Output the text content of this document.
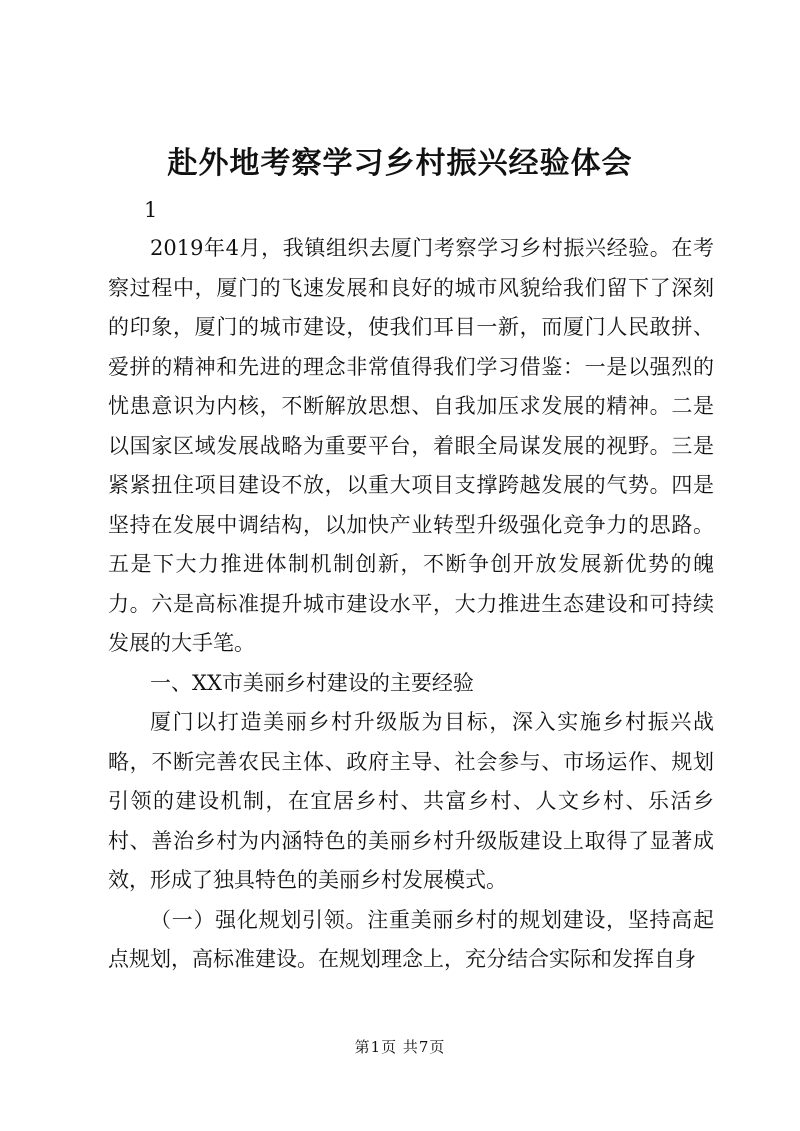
赴外地考察学习乡村振兴经验体会
1

2019年4月，我镇组织去厦门考察学习乡村振兴经验。在考察过程中，厦门的飞速发展和良好的城市风貌给我们留下了深刻的印象，厦门的城市建设，使我们耳目一新，而厦门人民敢拼、爱拼的精神和先进的理念非常值得我们学习借鉴：一是以强烈的忧患意识为内核，不断解放思想、自我加压求发展的精神。二是以国家区域发展战略为重要平台，着眼全局谋发展的视野。三是紧紧扭住项目建设不放，以重大项目支撑跨越发展的气势。四是坚持在发展中调结构，以加快产业转型升级强化竞争力的思路。五是下大力推进体制机制创新，不断争创开放发展新优势的魄力。六是高标准提升城市建设水平，大力推进生态建设和可持续发展的大手笔。

一、XX市美丽乡村建设的主要经验

厦门以打造美丽乡村升级版为目标，深入实施乡村振兴战略，不断完善农民主体、政府主导、社会参与、市场运作、规划引领的建设机制，在宜居乡村、共富乡村、人文乡村、乐活乡村、善治乡村为内涵特色的美丽乡村升级版建设上取得了显著成效，形成了独具特色的美丽乡村发展模式。

（一）强化规划引领。注重美丽乡村的规划建设，坚持高起点规划，高标准建设。在规划理念上，充分结合实际和发挥自身

第1页 共7页
